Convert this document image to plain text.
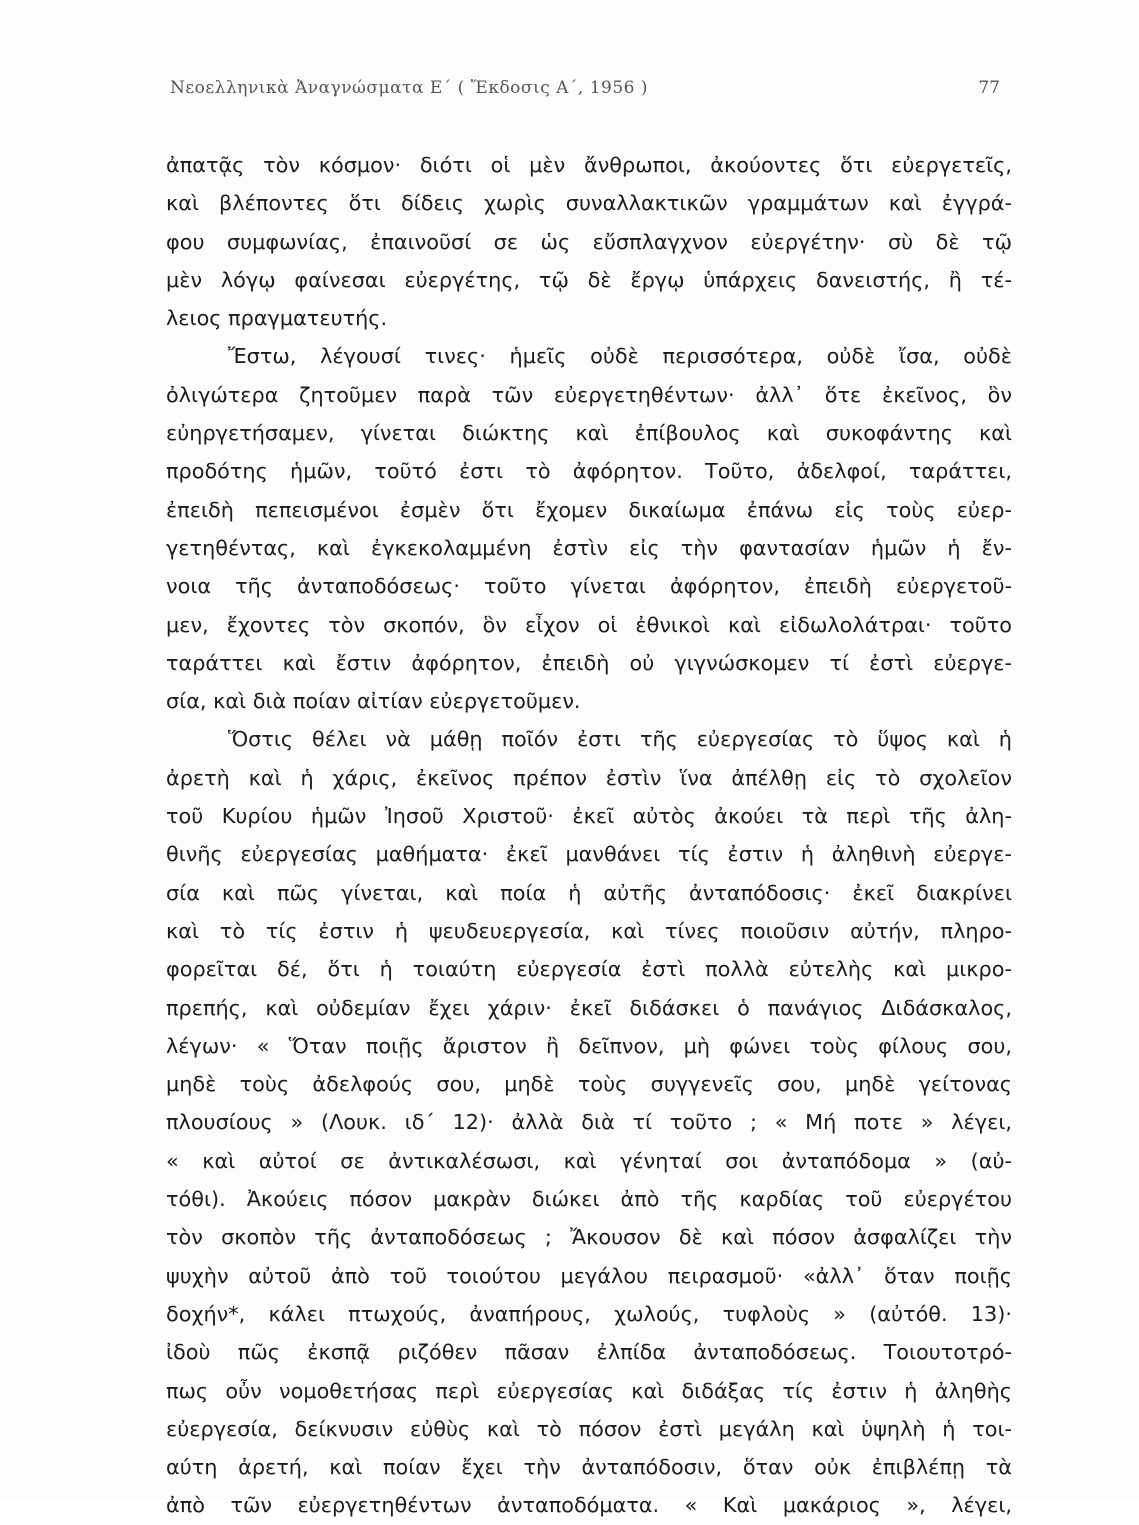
Νεοελληνικὰ Ἀναγνώσματα Ε΄ ( Ἔκδοσις Α΄, 1956 )	77
ἀπατᾷς τὸν κόσμον· διότι οἱ μὲν ἄνθρωποι, ἀκούοντες ὅτι εὐεργετεῖς,
καὶ βλέποντες ὅτι δίδεις χωρὶς συναλλακτικῶν γραμμάτων καὶ ἐγγρά-
φου συμφωνίας, ἐπαινοῦσί σε ὡς εὔσπλαγχνον εὐεργέτην· σὺ δὲ τῷ
μὲν λόγῳ φαίνεσαι εὐεργέτης, τῷ δὲ ἔργῳ ὑπάρχεις δανειστής, ἢ τέ-
λειος πραγματευτής.
Ἔστω, λέγουσί τινες· ἡμεῖς οὐδὲ περισσότερα, οὐδὲ ἴσα, οὐδὲ
ὀλιγώτερα ζητοῦμεν παρὰ τῶν εὐεργετηθέντων· ἀλλ᾿ ὅτε ἐκεῖνος, ὃν
εὐηργετήσαμεν, γίνεται διώκτης καὶ ἐπίβουλος καὶ συκοφάντης καὶ
προδότης ἡμῶν, τοῦτό ἐστι τὸ ἀφόρητον. Τοῦτο, ἀδελφοί, ταράττει,
ἐπειδὴ πεπεισμένοι ἐσμὲν ὅτι ἔχομεν δικαίωμα ἐπάνω εἰς τοὺς εὐερ-
γετηθέντας, καὶ ἐγκεκολαμμένη ἐστὶν εἰς τὴν φαντασίαν ἡμῶν ἡ ἔν-
νοια τῆς ἀνταποδόσεως· τοῦτο γίνεται ἀφόρητον, ἐπειδὴ εὐεργετοῦ-
μεν, ἔχοντες τὸν σκοπόν, ὃν εἶχον οἱ ἐθνικοὶ καὶ εἰδωλολάτραι· τοῦτο
ταράττει καὶ ἔστιν ἀφόρητον, ἐπειδὴ οὐ γιγνώσκομεν τί ἐστὶ εὐεργε-
σία, καὶ διὰ ποίαν αἰτίαν εὐεργετοῦμεν.
Ὅστις θέλει νὰ μάθῃ ποῖόν ἐστι τῆς εὐεργεσίας τὸ ὕψος καὶ ἡ
ἀρετὴ καὶ ἡ χάρις, ἐκεῖνος πρέπον ἐστὶν ἵνα ἀπέλθῃ εἰς τὸ σχολεῖον
τοῦ Κυρίου ἡμῶν Ἰησοῦ Χριστοῦ· ἐκεῖ αὐτὸς ἀκούει τὰ περὶ τῆς ἀλη-
θινῆς εὐεργεσίας μαθήματα· ἐκεῖ μανθάνει τίς ἐστιν ἡ ἀληθινὴ εὐεργε-
σία καὶ πῶς γίνεται, καὶ ποία ἡ αὐτῆς ἀνταπόδοσις· ἐκεῖ διακρίνει
καὶ τὸ τίς ἐστιν ἡ ψευδευεργεσία, καὶ τίνες ποιοῦσιν αὐτήν, πληρο-
φορεῖται δέ, ὅτι ἡ τοιαύτη εὐεργεσία ἐστὶ πολλὰ εὐτελὴς καὶ μικρο-
πρεπής, καὶ οὐδεμίαν ἔχει χάριν· ἐκεῖ διδάσκει ὁ πανάγιος Διδάσκαλος,
λέγων· « Ὅταν ποιῇς ἄριστον ἢ δεῖπνον, μὴ φώνει τοὺς φίλους σου,
μηδὲ τοὺς ἀδελφούς σου, μηδὲ τοὺς συγγενεῖς σου, μηδὲ γείτονας
πλουσίους » (Λουκ. ιδ΄ 12)· ἀλλὰ διὰ τί τοῦτο ; « Μή ποτε » λέγει,
« καὶ αὐτοί σε ἀντικαλέσωσι, καὶ γένηταί σοι ἀνταπόδομα » (αὐ-
τόθι). Ἀκούεις πόσον μακρὰν διώκει ἀπὸ τῆς καρδίας τοῦ εὐεργέτου
τὸν σκοπὸν τῆς ἀνταποδόσεως ; Ἄκουσον δὲ καὶ πόσον ἀσφαλίζει τὴν
ψυχὴν αὐτοῦ ἀπὸ τοῦ τοιούτου μεγάλου πειρασμοῦ· «ἀλλ᾿ ὅταν ποιῇς
δοχήν*, κάλει πτωχούς, ἀναπήρους, χωλούς, τυφλοὺς » (αὐτόθ. 13)·
ἰδοὺ πῶς ἐκσπᾷ ριζόθεν πᾶσαν ἐλπίδα ἀνταποδόσεως. Τοιουτοτρό-
πως οὖν νομοθετήσας περὶ εὐεργεσίας καὶ διδάξας τίς ἐστιν ἡ ἀληθὴς
εὐεργεσία, δείκνυσιν εὐθὺς καὶ τὸ πόσον ἐστὶ μεγάλη καὶ ὑψηλὴ ἡ τοι-
αύτη ἀρετή, καὶ ποίαν ἔχει τὴν ἀνταπόδοσιν, ὅταν οὐκ ἐπιβλέπῃ τὰ
ἀπὸ τῶν εὐεργετηθέντων ἀνταποδόματα. « Καὶ μακάριος », λέγει,
